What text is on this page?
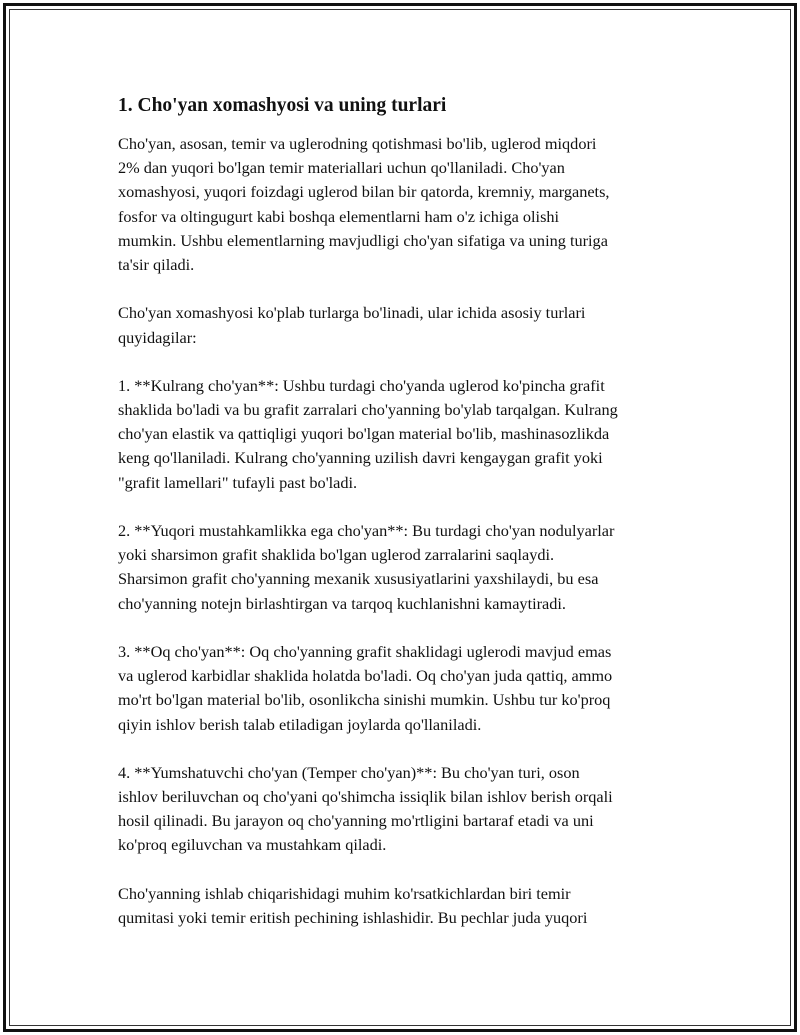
1. Cho'yan xomashyosi va uning turlari

Cho'yan, asosan, temir va uglerodning qotishmasi bo'lib, uglerod miqdori
2% dan yuqori bo'lgan temir materiallari uchun qo'llaniladi. Cho'yan
xomashyosi, yuqori foizdagi uglerod bilan bir qatorda, kremniy, marganets,
fosfor va oltingugurt kabi boshqa elementlarni ham o'z ichiga olishi
mumkin. Ushbu elementlarning mavjudligi cho'yan sifatiga va uning turiga
ta'sir qiladi.

Cho'yan xomashyosi ko'plab turlarga bo'linadi, ular ichida asosiy turlari
quyidagilar:

1. **Kulrang cho'yan**: Ushbu turdagi cho'yanda uglerod ko'pincha grafit
shaklida bo'ladi va bu grafit zarralari cho'yanning bo'ylab tarqalgan. Kulrang
cho'yan elastik va qattiqligi yuqori bo'lgan material bo'lib, mashinasozlikda
keng qo'llaniladi. Kulrang cho'yanning uzilish davri kengaygan grafit yoki
"grafit lamellari" tufayli past bo'ladi.

2. **Yuqori mustahkamlikka ega cho'yan**: Bu turdagi cho'yan nodulyarlar
yoki sharsimon grafit shaklida bo'lgan uglerod zarralarini saqlaydi.
Sharsimon grafit cho'yanning mexanik xususiyatlarini yaxshilaydi, bu esa
cho'yanning notejn birlashtirgan va tarqoq kuchlanishni kamaytiradi.

3. **Oq cho'yan**: Oq cho'yanning grafit shaklidagi uglerodi mavjud emas
va uglerod karbidlar shaklida holatda bo'ladi. Oq cho'yan juda qattiq, ammo
mo'rt bo'lgan material bo'lib, osonlikcha sinishi mumkin. Ushbu tur ko'proq
qiyin ishlov berish talab etiladigan joylarda qo'llaniladi.

4. **Yumshatuvchi cho'yan (Temper cho'yan)**: Bu cho'yan turi, oson
ishlov beriluvchan oq cho'yani qo'shimcha issiqlik bilan ishlov berish orqali
hosil qilinadi. Bu jarayon oq cho'yanning mo'rtligini bartaraf etadi va uni
ko'proq egiluvchan va mustahkam qiladi.

Cho'yanning ishlab chiqarishidagi muhim ko'rsatkichlardan biri temir
qumitasi yoki temir eritish pechining ishlashidir. Bu pechlar juda yuqori
